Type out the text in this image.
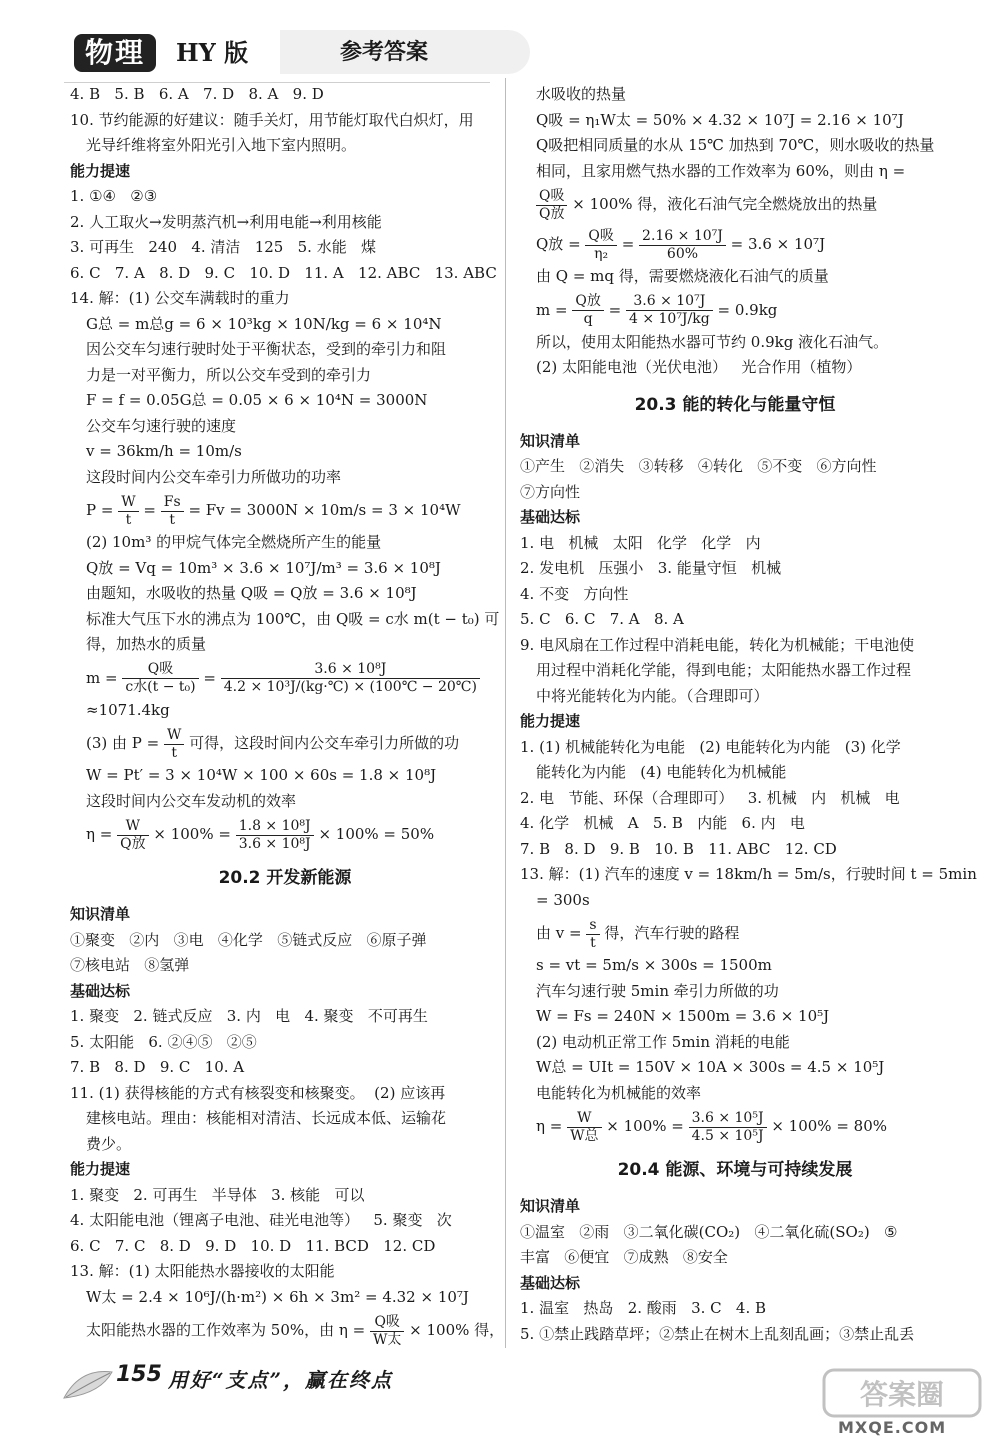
物理	HY 版	参考答案
4. B   5. B   6. A   7. D   8. A   9. D
10. 节约能源的好建议：随手关灯，用节能灯取代白炽灯，用
光导纤维将室外阳光引入地下室内照明。
能力提速
1. ①④   ②③
2. 人工取火→发明蒸汽机→利用电能→利用核能
3. 可再生   240   4. 清洁   125   5. 水能   煤
6. C   7. A   8. D   9. C   10. D   11. A   12. ABC   13. ABC
14. 解：(1) 公交车满载时的重力
G总 = m总g = 6 × 10³kg × 10N/kg = 6 × 10⁴N
因公交车匀速行驶时处于平衡状态，受到的牵引力和阻
力是一对平衡力，所以公交车受到的牵引力
F = f = 0.05G总 = 0.05 × 6 × 10⁴N = 3000N
公交车匀速行驶的速度
v = 36km/h = 10m/s
这段时间内公交车牵引力所做功的功率
$P = \frac{W}{t} = \frac{Fs}{t} = Fv = 3000N \times 10m/s = 3 \times 10^4W$
(2) 10m³ 的甲烷气体完全燃烧所产生的能量
Q放 = Vq = 10m³ × 3.6 × 10⁷J/m³ = 3.6 × 10⁸J
由题知，水吸收的热量 Q吸 = Q放 = 3.6 × 10⁸J
标准大气压下水的沸点为 100℃，由 Q吸 = c水 m(t − t₀) 可
得，加热水的质量
$m = \frac{\text{Q吸}}{\text{c水(t − t₀)}} = \frac{\text{3.6 × 10⁸J}}{\text{4.2 × 10³J/(kg·℃) × (100℃ − 20℃)}}$
≈1071.4kg
(3) 由 $P = \frac{W}{t}$ 可得，这段时间内公交车牵引力所做的功
W = Pt′ = 3 × 10⁴W × 100 × 60s = 1.8 × 10⁸J
这段时间内公交车发动机的效率
$\eta = \frac{W}{\text{Q放}} \times 100\% = \frac{\text{1.8 × 10⁸J}}{\text{3.6 × 10⁸J}} \times 100\% = 50\%$
20.2 开发新能源
知识清单
①聚变   ②内   ③电   ④化学   ⑤链式反应   ⑥原子弹
⑦核电站   ⑧氢弹
基础达标
1. 聚变   2. 链式反应   3. 内   电   4. 聚变   不可再生
5. 太阳能   6. ②④⑤   ②⑤
7. B   8. D   9. C   10. A
11. (1) 获得核能的方式有核裂变和核聚变。  (2) 应该再
建核电站。理由：核能相对清洁、长远成本低、运输花
费少。
能力提速
1. 聚变   2. 可再生   半导体   3. 核能   可以
4. 太阳能电池（锂离子电池、硅光电池等）   5. 聚变   次
6. C   7. C   8. D   9. D   10. D   11. BCD   12. CD
13. 解：(1) 太阳能热水器接收的太阳能
W太 = 2.4 × 10⁶J/(h·m²) × 6h × 3m² = 4.32 × 10⁷J
太阳能热水器的工作效率为 50%，由 $\eta = \frac{\text{Q吸}}{\text{W太}} \times 100\%$ 得，
水吸收的热量
Q吸 = η₁W太 = 50% × 4.32 × 10⁷J = 2.16 × 10⁷J
Q吸把相同质量的水从 15℃ 加热到 70℃，则水吸收的热量
相同，且家用燃气热水器的工作效率为 60%，则由 η =
$\frac{\text{Q吸}}{\text{Q放}} \times 100\%$ 得，液化石油气完全燃烧放出的热量
Q放 = $\frac{\text{Q吸}}{\text{η₂}} = \frac{\text{2.16 × 10⁷J}}{60\%} = 3.6 \times 10^7J$
由 Q = mq 得，需要燃烧液化石油气的质量
$m = \frac{\text{Q放}}{q} = \frac{\text{3.6 × 10⁷J}}{\text{4 × 10⁷J/kg}} = 0.9kg$
所以，使用太阳能热水器可节约 0.9kg 液化石油气。
(2) 太阳能电池（光伏电池）   光合作用（植物）
20.3 能的转化与能量守恒
知识清单
①产生   ②消失   ③转移   ④转化   ⑤不变   ⑥方向性
⑦方向性
基础达标
1. 电   机械   太阳   化学   化学   内
2. 发电机   压强小   3. 能量守恒   机械
4. 不变   方向性
5. C   6. C   7. A   8. A
9. 电风扇在工作过程中消耗电能，转化为机械能；干电池使
用过程中消耗化学能，得到电能；太阳能热水器工作过程
中将光能转化为内能。（合理即可）
能力提速
1. (1) 机械能转化为电能   (2) 电能转化为内能   (3) 化学
能转化为内能   (4) 电能转化为机械能
2. 电   节能、环保（合理即可）   3. 机械   内   机械   电
4. 化学   机械   A   5. B   内能   6. 内   电
7. B   8. D   9. B   10. B   11. ABC   12. CD
13. 解：(1) 汽车的速度 v = 18km/h = 5m/s，行驶时间 t = 5min
= 300s
由 $v = \frac{s}{t}$ 得，汽车行驶的路程
s = vt = 5m/s × 300s = 1500m
汽车匀速行驶 5min 牵引力所做的功
W = Fs = 240N × 1500m = 3.6 × 10⁵J
(2) 电动机正常工作 5min 消耗的电能
W总 = UIt = 150V × 10A × 300s = 4.5 × 10⁵J
电能转化为机械能的效率
$\eta = \frac{W}{\text{W总}} \times 100\% = \frac{\text{3.6 × 10⁵J}}{\text{4.5 × 10⁵J}} \times 100\% = 80\%$
20.4 能源、环境与可持续发展
知识清单
①温室   ②雨   ③二氧化碳(CO₂)   ④二氧化硫(SO₂)   ⑤
丰富   ⑥便宜   ⑦成熟   ⑧安全
基础达标
1. 温室   热岛   2. 酸雨   3. C   4. B
5. ①禁止践踏草坪；②禁止在树木上乱刻乱画；③禁止乱丢
155 用好“支点”，赢在终点	答案圈
MXQE.COM
